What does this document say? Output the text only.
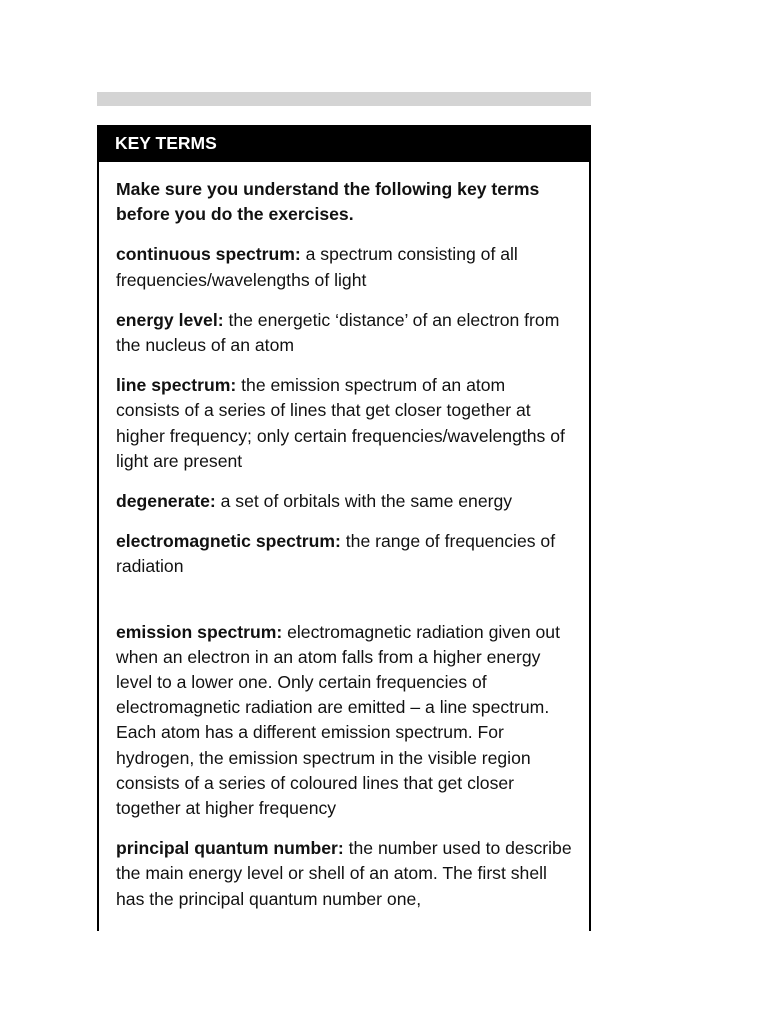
KEY TERMS

Make sure you understand the following key terms before you do the exercises.

continuous spectrum: a spectrum consisting of all frequencies/wavelengths of light

energy level: the energetic ‘distance’ of an electron from the nucleus of an atom

line spectrum: the emission spectrum of an atom consists of a series of lines that get closer together at higher frequency; only certain frequencies/wavelengths of light are present

degenerate: a set of orbitals with the same energy

electromagnetic spectrum: the range of frequencies of radiation

emission spectrum: electromagnetic radiation given out when an electron in an atom falls from a higher energy level to a lower one. Only certain frequencies of electromagnetic radiation are emitted – a line spectrum. Each atom has a different emission spectrum. For hydrogen, the emission spectrum in the visible region consists of a series of coloured lines that get closer together at higher frequency

principal quantum number: the number used to describe the main energy level or shell of an atom. The first shell has the principal quantum number one,
